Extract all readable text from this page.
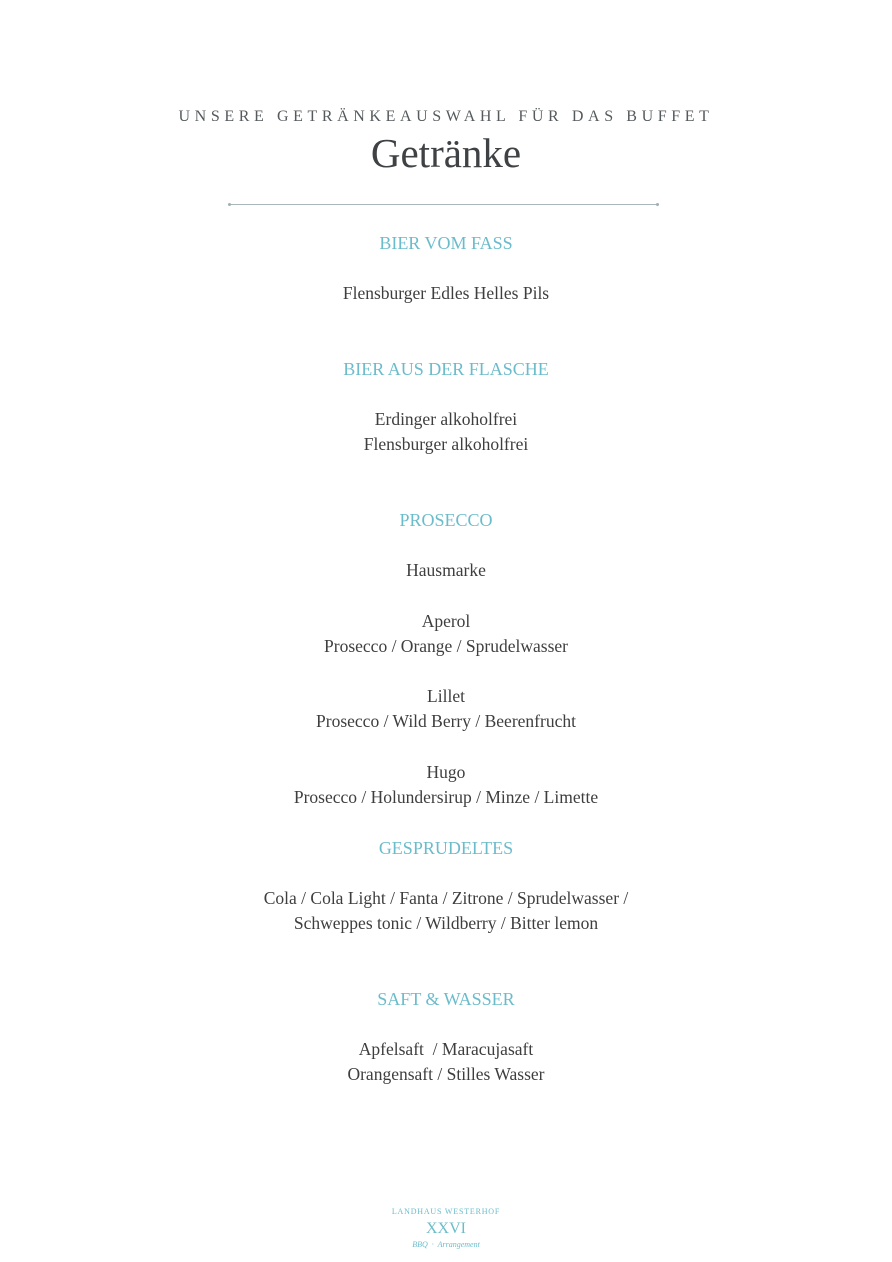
UNSERE GETRÄNKEAUSWAHL FÜR DAS BUFFET
Getränke
BIER VOM FASS
Flensburger Edles Helles Pils
BIER AUS DER FLASCHE
Erdinger alkoholfrei
Flensburger alkoholfrei
PROSECCO
Hausmarke
Aperol
Prosecco / Orange / Sprudelwasser
Lillet
Prosecco / Wild Berry / Beerenfrucht
Hugo
Prosecco / Holundersirup / Minze / Limette
GESPRUDELTES
Cola / Cola Light / Fanta / Zitrone / Sprudelwasser /
Schweppes tonic / Wildberry / Bitter lemon
SAFT & WASSER
Apfelsaft  / Maracujasaft
Orangensaft / Stilles Wasser
LANDHAUS WESTERHOF
XXVI
BBQ  ·  Arrangement
